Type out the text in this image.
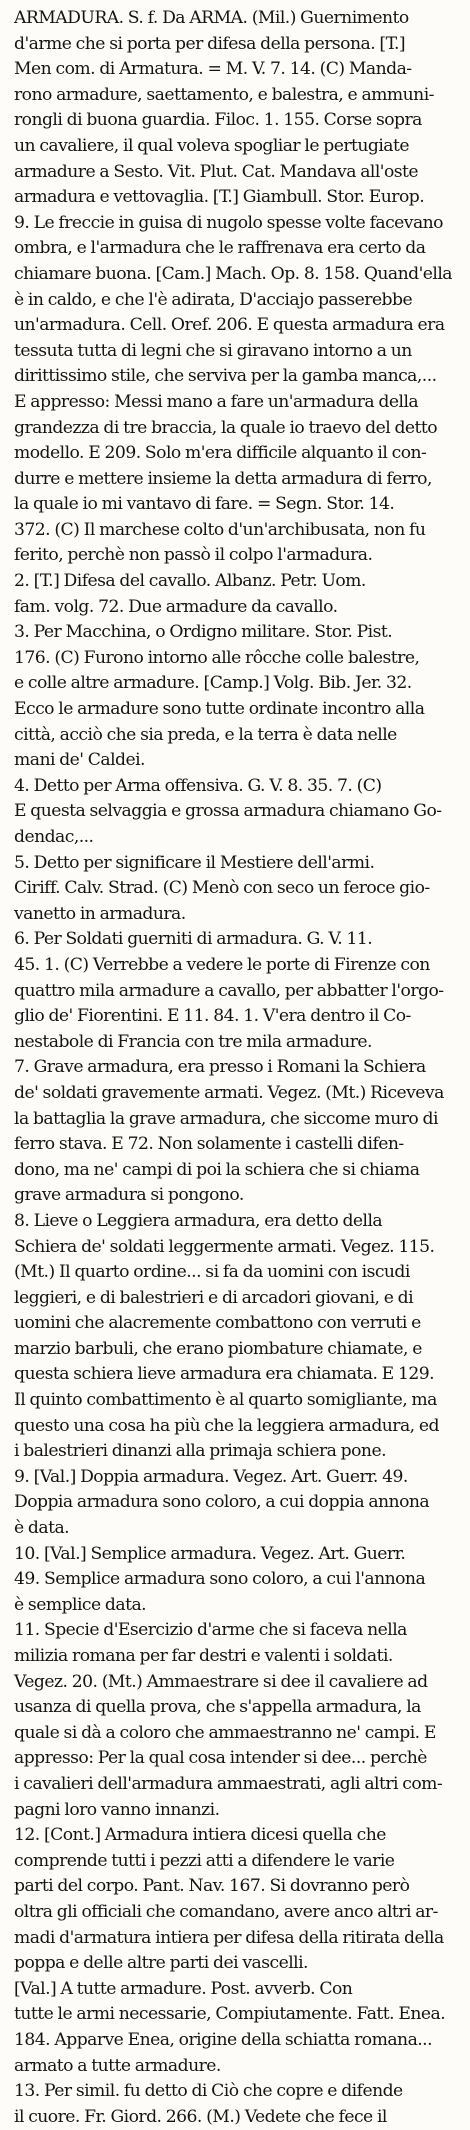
ARMADURA. S. f. Da ARMA. (Mil.) Guernimento
d'arme che si porta per difesa della persona. [T.]
Men com. di Armatura. = M. V. 7. 14. (C) Manda-
rono armadure, saettamento, e balestra, e ammuni-
rongli di buona guardia. Filoc. 1. 155. Corse sopra
un cavaliere, il qual voleva spogliar le pertugiate
armadure a Sesto. Vit. Plut. Cat. Mandava all'oste
armadura e vettovaglia. [T.] Giambull. Stor. Europ.
9. Le freccie in guisa di nugolo spesse volte facevano
ombra, e l'armadura che le raffrenava era certo da
chiamare buona. [Cam.] Mach. Op. 8. 158. Quand'ella
è in caldo, e che l'è adirata, D'acciajo passerebbe
un'armadura. Cell. Oref. 206. E questa armadura era
tessuta tutta di legni che si giravano intorno a un
dirittissimo stile, che serviva per la gamba manca,...
E appresso: Messi mano a fare un'armadura della
grandezza di tre braccia, la quale io traevo del detto
modello. E 209. Solo m'era difficile alquanto il con-
durre e mettere insieme la detta armadura di ferro,
la quale io mi vantavo di fare. = Segn. Stor. 14.
372. (C) Il marchese colto d'un'archibusata, non fu
ferito, perchè non passò il colpo l'armadura.
2. [T.] Difesa del cavallo. Albanz. Petr. Uom.
fam. volg. 72. Due armadure da cavallo.
3. Per Macchina, o Ordigno militare. Stor. Pist.
176. (C) Furono intorno alle rôcche colle balestre,
e colle altre armadure. [Camp.] Volg. Bib. Jer. 32.
Ecco le armadure sono tutte ordinate incontro alla
città, acciò che sia preda, e la terra è data nelle
mani de' Caldei.
4. Detto per Arma offensiva. G. V. 8. 35. 7. (C)
E questa selvaggia e grossa armadura chiamano Go-
dendac,...
5. Detto per significare il Mestiere dell'armi.
Ciriff. Calv. Strad. (C) Menò con seco un feroce gio-
vanetto in armadura.
6. Per Soldati guerniti di armadura. G. V. 11.
45. 1. (C) Verrebbe a vedere le porte di Firenze con
quattro mila armadure a cavallo, per abbatter l'orgo-
glio de' Fiorentini. E 11. 84. 1. V'era dentro il Co-
nestabole di Francia con tre mila armadure.
7. Grave armadura, era presso i Romani la Schiera
de' soldati gravemente armati. Vegez. (Mt.) Riceveva
la battaglia la grave armadura, che siccome muro di
ferro stava. E 72. Non solamente i castelli difen-
dono, ma ne' campi di poi la schiera che si chiama
grave armadura si pongono.
8. Lieve o Leggiera armadura, era detto della
Schiera de' soldati leggermente armati. Vegez. 115.
(Mt.) Il quarto ordine... si fa da uomini con iscudi
leggieri, e di balestrieri e di arcadori giovani, e di
uomini che alacremente combattono con verruti e
marzio barbuli, che erano piombature chiamate, e
questa schiera lieve armadura era chiamata. E 129.
Il quinto combattimento è al quarto somigliante, ma
questo una cosa ha più che la leggiera armadura, ed
i balestrieri dinanzi alla primaja schiera pone.
9. [Val.] Doppia armadura. Vegez. Art. Guerr. 49.
Doppia armadura sono coloro, a cui doppia annona
è data.
10. [Val.] Semplice armadura. Vegez. Art. Guerr.
49. Semplice armadura sono coloro, a cui l'annona
è semplice data.
11. Specie d'Esercizio d'arme che si faceva nella
milizia romana per far destri e valenti i soldati.
Vegez. 20. (Mt.) Ammaestrare si dee il cavaliere ad
usanza di quella prova, che s'appella armadura, la
quale si dà a coloro che ammaestranno ne' campi. E
appresso: Per la qual cosa intender si dee... perchè
i cavalieri dell'armadura ammaestrati, agli altri com-
pagni loro vanno innanzi.
12. [Cont.] Armadura intiera dicesi quella che
comprende tutti i pezzi atti a difendere le varie
parti del corpo. Pant. Nav. 167. Si dovranno però
oltra gli officiali che comandano, avere anco altri ar-
madi d'armatura intiera per difesa della ritirata della
poppa e delle altre parti dei vascelli.
[Val.] A tutte armadure. Post. avverb. Con
tutte le armi necessarie, Compiutamente. Fatt. Enea.
184. Apparve Enea, origine della schiatta romana...
armato a tutte armadure.
13. Per simil. fu detto di Ciò che copre e difende
il cuore. Fr. Giord. 266. (M.) Vedete che fece il
